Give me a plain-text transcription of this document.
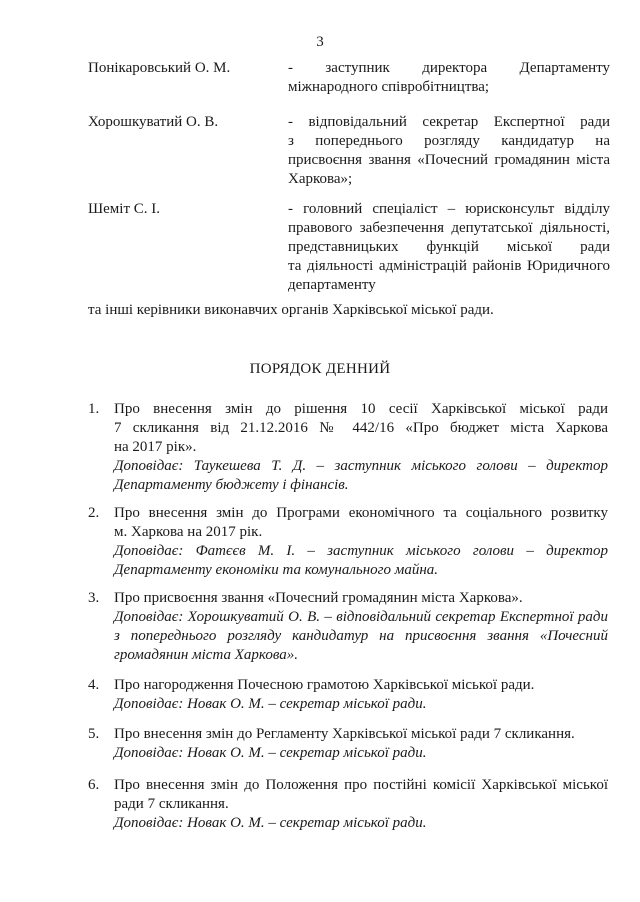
3
Понікаровський О. М.	- заступник директора Департаменту
міжнародного співробітництва;
Хорошкуватий О. В.	- відповідальний секретар Експертної ради
з попереднього розгляду кандидатур на
присвоєння звання «Почесний громадянин міста
Харкова»;
Шеміт С. І.	- головний спеціаліст – юрисконсульт відділу
правового забезпечення депутатської діяльності,
представницьких функцій міської ради
та діяльності адміністрацій районів Юридичного
департаменту
та інші керівники виконавчих органів Харківської міської ради.
ПОРЯДОК ДЕННИЙ
1. Про внесення змін до рішення 10 сесії Харківської міської ради
7 скликання від 21.12.2016 № 442/16 «Про бюджет міста Харкова
на 2017 рік».
Доповідає: Таукешева Т. Д. – заступник міського голови – директор
Департаменту бюджету і фінансів.
2. Про внесення змін до Програми економічного та соціального розвитку
м. Харкова на 2017 рік.
Доповідає: Фатєєв М. І. – заступник міського голови – директор
Департаменту економіки та комунального майна.
3. Про присвоєння звання «Почесний громадянин міста Харкова».
Доповідає: Хорошкуватий О. В. – відповідальний секретар Експертної ради
з попереднього розгляду кандидатур на присвоєння звання «Почесний
громадянин міста Харкова».
4. Про нагородження Почесною грамотою Харківської міської ради.
Доповідає: Новак О. М. – секретар міської ради.
5. Про внесення змін до Регламенту Харківської міської ради 7 скликання.
Доповідає: Новак О. М. – секретар міської ради.
6. Про внесення змін до Положення про постійні комісії Харківської міської
ради 7 скликання.
Доповідає: Новак О. М. – секретар міської ради.
